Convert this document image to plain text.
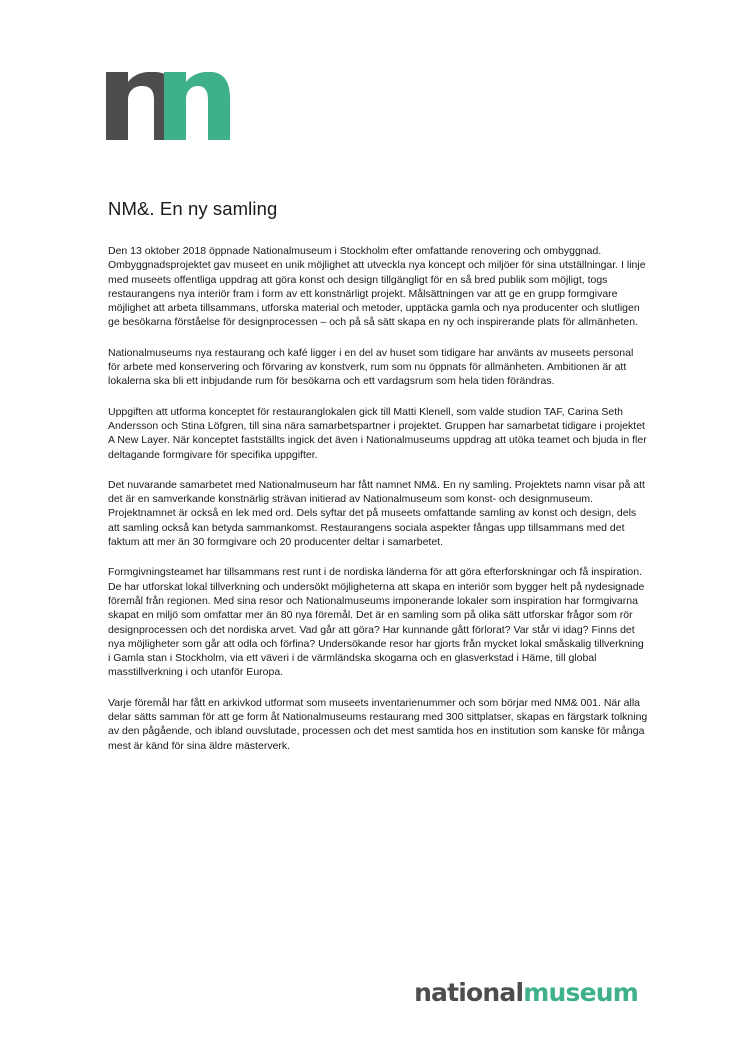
NM&. En ny samling

Den 13 oktober 2018 öppnade Nationalmuseum i Stockholm efter omfattande renovering och ombyggnad. Ombyggnadsprojektet gav museet en unik möjlighet att utveckla nya koncept och miljöer för sina utställningar. I linje med museets offentliga uppdrag att göra konst och design tillgängligt för en så bred publik som möjligt, togs restaurangens nya interiör fram i form av ett konstnärligt projekt. Målsättningen var att ge en grupp formgivare möjlighet att arbeta tillsammans, utforska material och metoder, upptäcka gamla och nya producenter och slutligen ge besökarna förståelse för designprocessen – och på så sätt skapa en ny och inspirerande plats för allmänheten.

Nationalmuseums nya restaurang och kafé ligger i en del av huset som tidigare har använts av museets personal för arbete med konservering och förvaring av konstverk, rum som nu öppnats för allmänheten. Ambitionen är att lokalerna ska bli ett inbjudande rum för besökarna och ett vardagsrum som hela tiden förändras.

Uppgiften att utforma konceptet för restauranglokalen gick till Matti Klenell, som valde studion TAF, Carina Seth Andersson och Stina Löfgren, till sina nära samarbetspartner i projektet. Gruppen har samarbetat tidigare i projektet A New Layer. När konceptet fastställts ingick det även i Nationalmuseums uppdrag att utöka teamet och bjuda in fler deltagande formgivare för specifika uppgifter.

Det nuvarande samarbetet med Nationalmuseum har fått namnet NM&. En ny samling. Projektets namn visar på att det är en samverkande konstnärlig strävan initierad av Nationalmuseum som konst- och designmuseum. Projektnamnet är också en lek med ord. Dels syftar det på museets omfattande samling av konst och design, dels att samling också kan betyda sammankomst. Restaurangens sociala aspekter fångas upp tillsammans med det faktum att mer än 30 formgivare och 20 producenter deltar i samarbetet.

Formgivningsteamet har tillsammans rest runt i de nordiska länderna för att göra efterforskningar och få inspiration. De har utforskat lokal tillverkning och undersökt möjligheterna att skapa en interiör som bygger helt på nydesignade föremål från regionen. Med sina resor och Nationalmuseums imponerande lokaler som inspiration har formgivarna skapat en miljö som omfattar mer än 80 nya föremål. Det är en samling som på olika sätt utforskar frågor som rör designprocessen och det nordiska arvet. Vad går att göra? Har kunnande gått förlorat? Var står vi idag? Finns det nya möjligheter som går att odla och förfina? Undersökande resor har gjorts från mycket lokal småskalig tillverkning i Gamla stan i Stockholm, via ett väveri i de värmländska skogarna och en glasverkstad i Häme, till global masstillverkning i och utanför Europa.

Varje föremål har fått en arkivkod utformat som museets inventarienummer och som börjar med NM& 001. När alla delar sätts samman för att ge form åt Nationalmuseums restaurang med 300 sittplatser, skapas en färgstark tolkning av den pågående, och ibland ouvslutade, processen och det mest samtida hos en institution som kanske för många mest är känd för sina äldre mästerverk.

nationalmuseum
